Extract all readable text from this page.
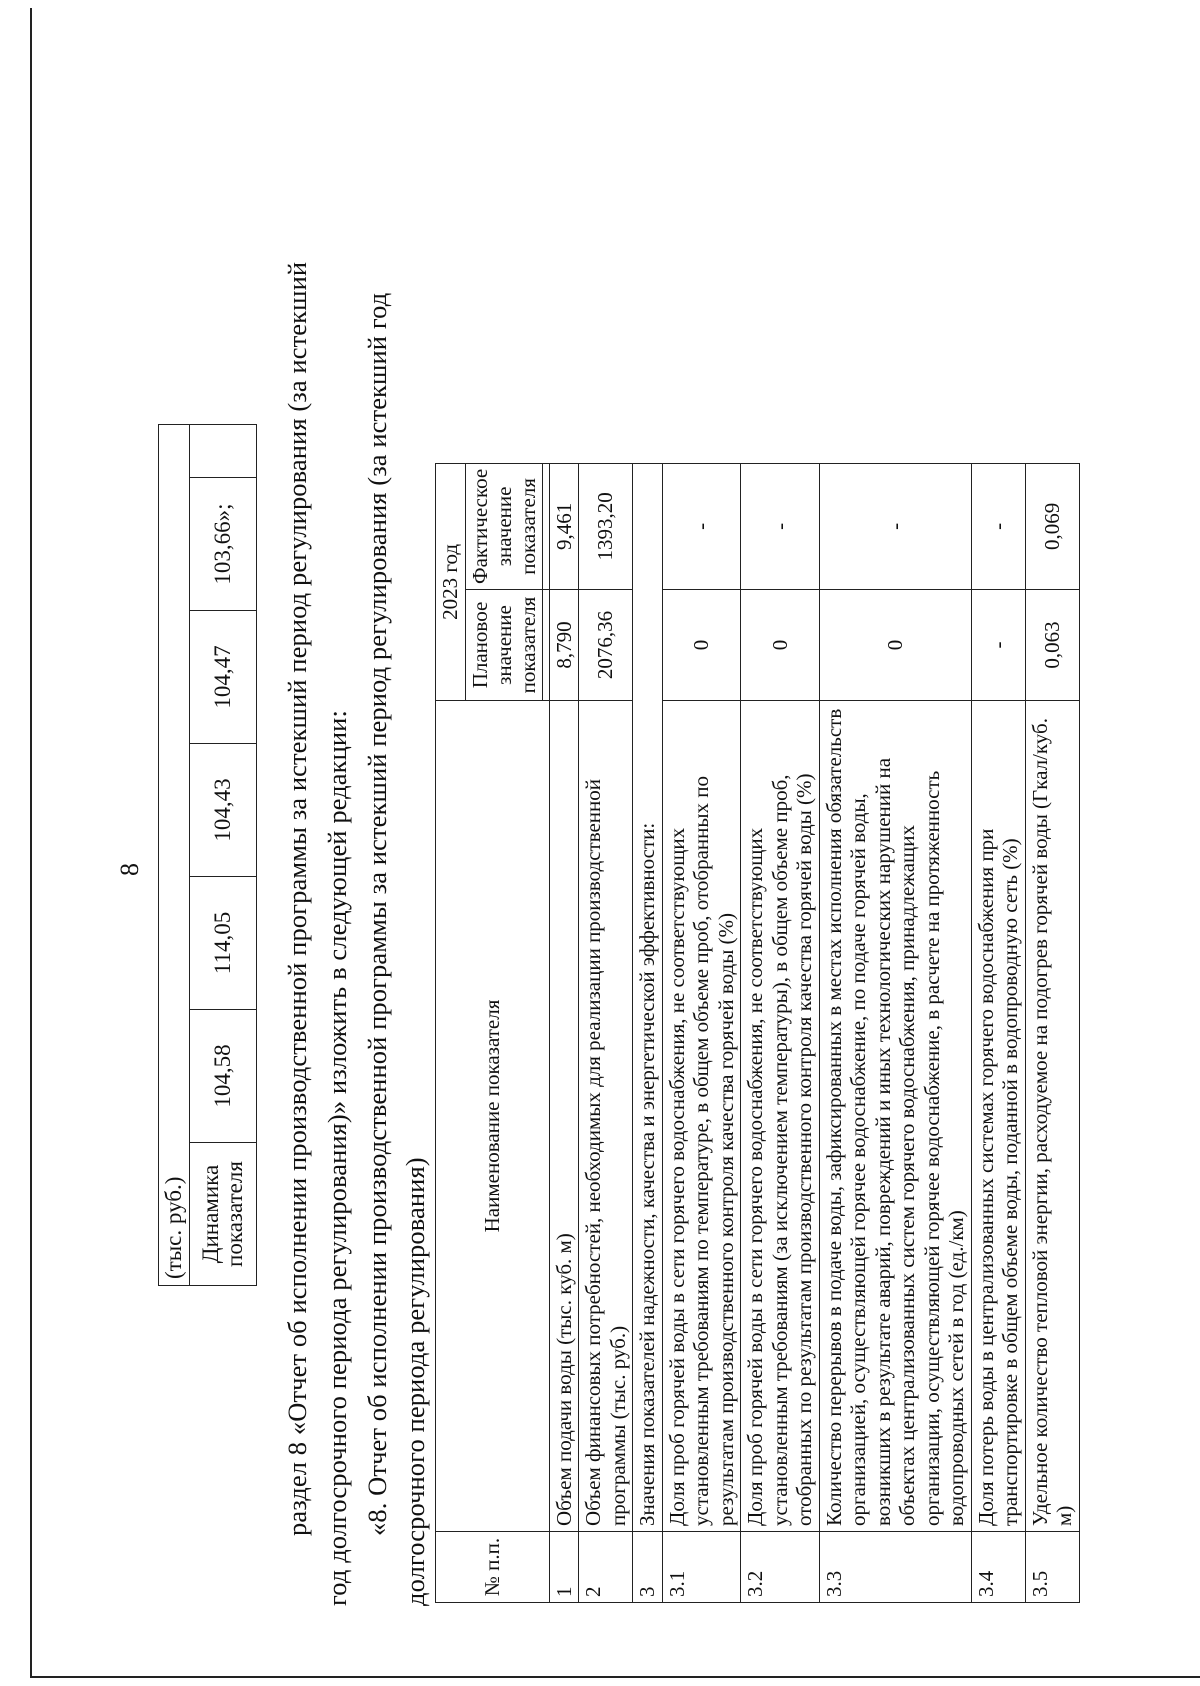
8
(тыс. руб.)
Динамика показателя	104,58	114,05	104,43	104,47	103,66»;	раздел 8 «Отчет об исполнении производственной программы за истекший период регулирования (за истекший год долгосрочного периода регулирования)» изложить в следующей редакции: «8. Отчет об исполнении производственной программы за истекший период регулирования (за истекший год долгосрочного периода регулирования) № п.п.	Наименование показателя	2023 год	
		Плановое значение показателя	Фактическое значение показателя

1	Объем подачи воды (тыс. куб. м)	8,790	9,461
2	Объем финансовых потребностей, необходимых для реализации производственной программы (тыс. руб.)	2076,36	1393,20
3	Значения показателей надежности, качества и энергетической эффективности:		
3.1	Доля проб горячей воды в сети горячего водоснабжения, не соответствующих установленным требованиям по температуре, в общем объеме проб, отобранных по результатам производственного контроля качества горячей воды (%)	0	-
3.2	Доля проб горячей воды в сети горячего водоснабжения, не соответствующих установленным требованиям (за исключением температуры), в общем объеме проб, отобранных по результатам производственного контроля качества горячей воды (%)	0	-
3.3	Количество перерывов в подаче воды, зафиксированных в местах исполнения обязательств организацией, осуществляющей горячее водоснабжение, по подаче горячей воды, возникших в результате аварий, повреждений и иных технологических нарушений на объектах централизованных систем горячего водоснабжения, принадлежащих организации, осуществляющей горячее водоснабжение, в расчете на протяженность водопроводных сетей в год (ед./км)	0	-
3.4	Доля потерь воды в централизованных системах горячего водоснабжения при транспортировке в общем объеме воды, поданной в водопроводную сеть (%)	-	-
3.5	Удельное количество тепловой энергии, расходуемое на подогрев горячей воды (Гкал/куб. м)	0,063	0,069
